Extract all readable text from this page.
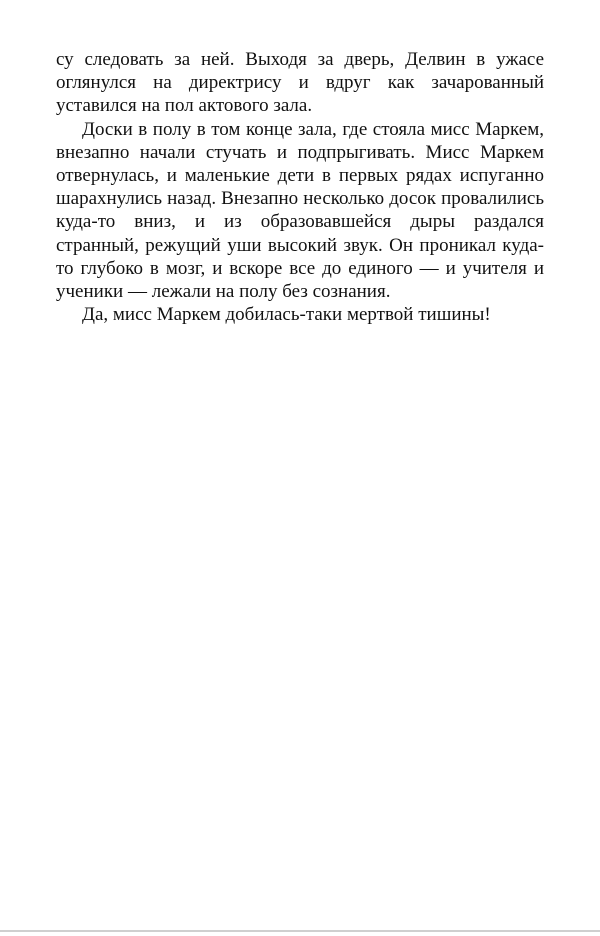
су следовать за ней. Выходя за дверь, Делвин в ужасе оглянулся на директрису и вдруг как зачарованный уставился на пол актового зала.

Доски в полу в том конце зала, где стояла мисс Маркем, внезапно начали стучать и подпрыгивать. Мисс Маркем отвернулась, и маленькие дети в первых рядах испуганно шарахнулись назад. Внезапно несколько досок провалились куда-то вниз, и из образовавшейся дыры раздался странный, режущий уши высокий звук. Он проникал куда-то глубоко в мозг, и вскоре все до единого — и учителя и ученики — лежали на полу без сознания.

Да, мисс Маркем добилась-таки мертвой тишины!
